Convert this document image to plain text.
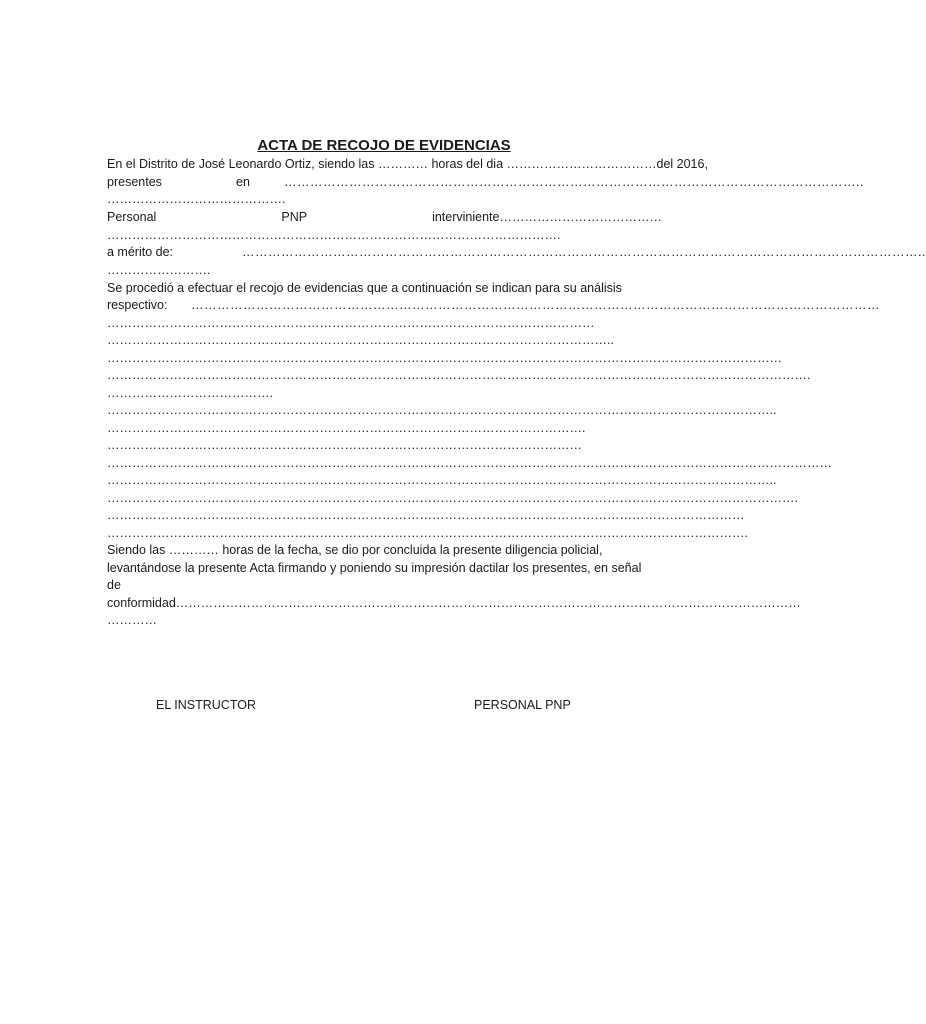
ACTA DE RECOJO DE EVIDENCIAS
En el Distrito de José Leonardo Ortiz, siendo las ………… horas del dia ………………………………del 2016,
presentes	en	……………………………………………………………………………………………………………………..
…………………………………….
Personal	PNP	interviniente…………………………………
……………………………………………………………………………………………….
a mérito de:	…………………………………………………………………………………………………………………………………………..
…………………….
Se procedió a efectuar el recojo de evidencias que a continuación se indican para su análisis
respectivo: ……………………………………………………………………………………………………………………………………………
………………………………………………………………………………………………………
…………………………………………………………………………………………………………..
………………………………………………………………………………………………………………………………………………
…………………………………………………………………………………………………………………………………………………….
………………………………….
……………………………………………………………………………………………………………………………………………..
…………………………………………………………………………………………………….
……………………………………………………………………………………………………
…………………………………………………………………………………………………………………………………………………………
……………………………………………………………………………………………………………………………………………..
………………………………………………………………………………………………………………………………………………….
………………………………………………………………………………………………………………………………………
……………………………………………………………………………………………………………………………………….
Siendo las ………… horas de la fecha, se dio por concluida la presente diligencia policial,
levantándose la presente Acta firmando y poniendo su impresión dactilar los presentes, en señal
de
conformidad……………………………………………………………………………………………………………………………………
…………
EL INSTRUCTOR	PERSONAL PNP
